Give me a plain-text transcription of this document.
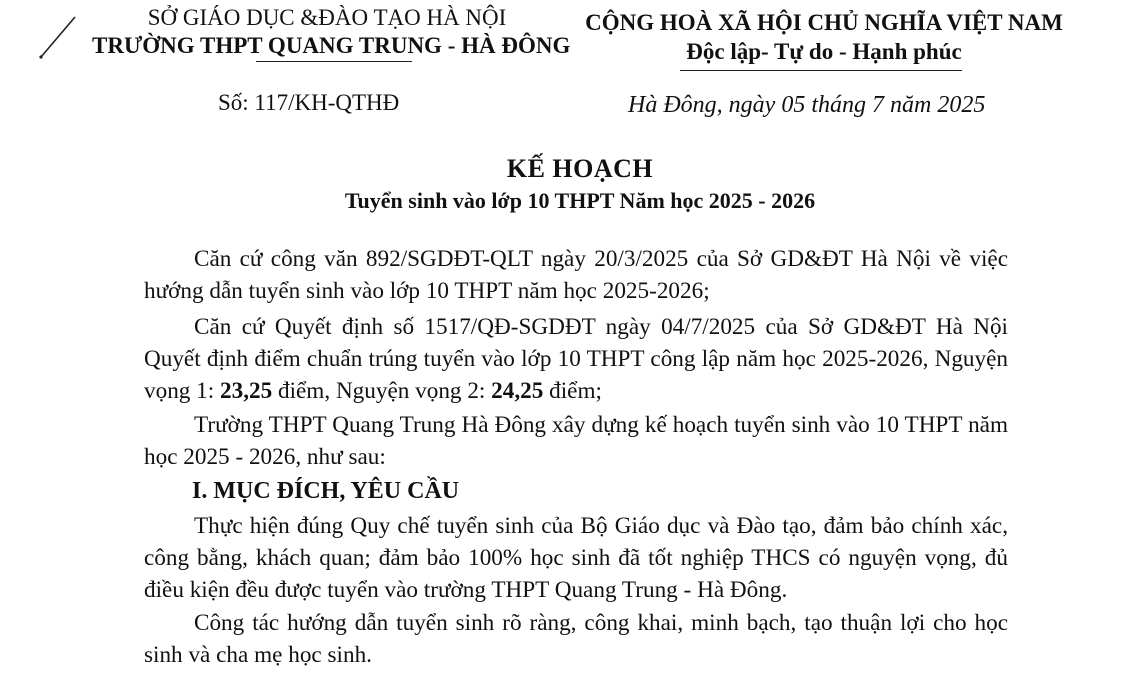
SỞ GIÁO DỤC &ĐÀO TẠO HÀ NỘI
TRƯỜNG THPT QUANG TRUNG - HÀ ĐÔNG
CỘNG HOÀ XÃ HỘI CHỦ NGHĨA VIỆT NAM
Độc lập- Tự do - Hạnh phúc
Số: 117/KH-QTHĐ	Hà Đông, ngày 05 tháng 7 năm 2025
KẾ HOẠCH
Tuyển sinh vào lớp 10 THPT Năm học 2025 - 2026
Căn cứ công văn 892/SGDĐT-QLT ngày 20/3/2025 của Sở GD&ĐT Hà Nội về việc hướng dẫn tuyển sinh vào lớp 10 THPT năm học 2025-2026;
Căn cứ Quyết định số 1517/QĐ-SGDĐT ngày 04/7/2025 của Sở GD&ĐT Hà Nội Quyết định điểm chuẩn trúng tuyển vào lớp 10 THPT công lập năm học 2025-2026, Nguyện vọng 1: 23,25 điểm, Nguyện vọng 2: 24,25 điểm;
Trường THPT Quang Trung Hà Đông xây dựng kế hoạch tuyển sinh vào 10 THPT năm học 2025 - 2026, như sau:
I. MỤC ĐÍCH, YÊU CẦU
Thực hiện đúng Quy chế tuyển sinh của Bộ Giáo dục và Đào tạo, đảm bảo chính xác, công bằng, khách quan; đảm bảo 100% học sinh đã tốt nghiệp THCS có nguyện vọng, đủ điều kiện đều được tuyển vào trường THPT Quang Trung - Hà Đông.
Công tác hướng dẫn tuyển sinh rõ ràng, công khai, minh bạch, tạo thuận lợi cho học sinh và cha mẹ học sinh.
